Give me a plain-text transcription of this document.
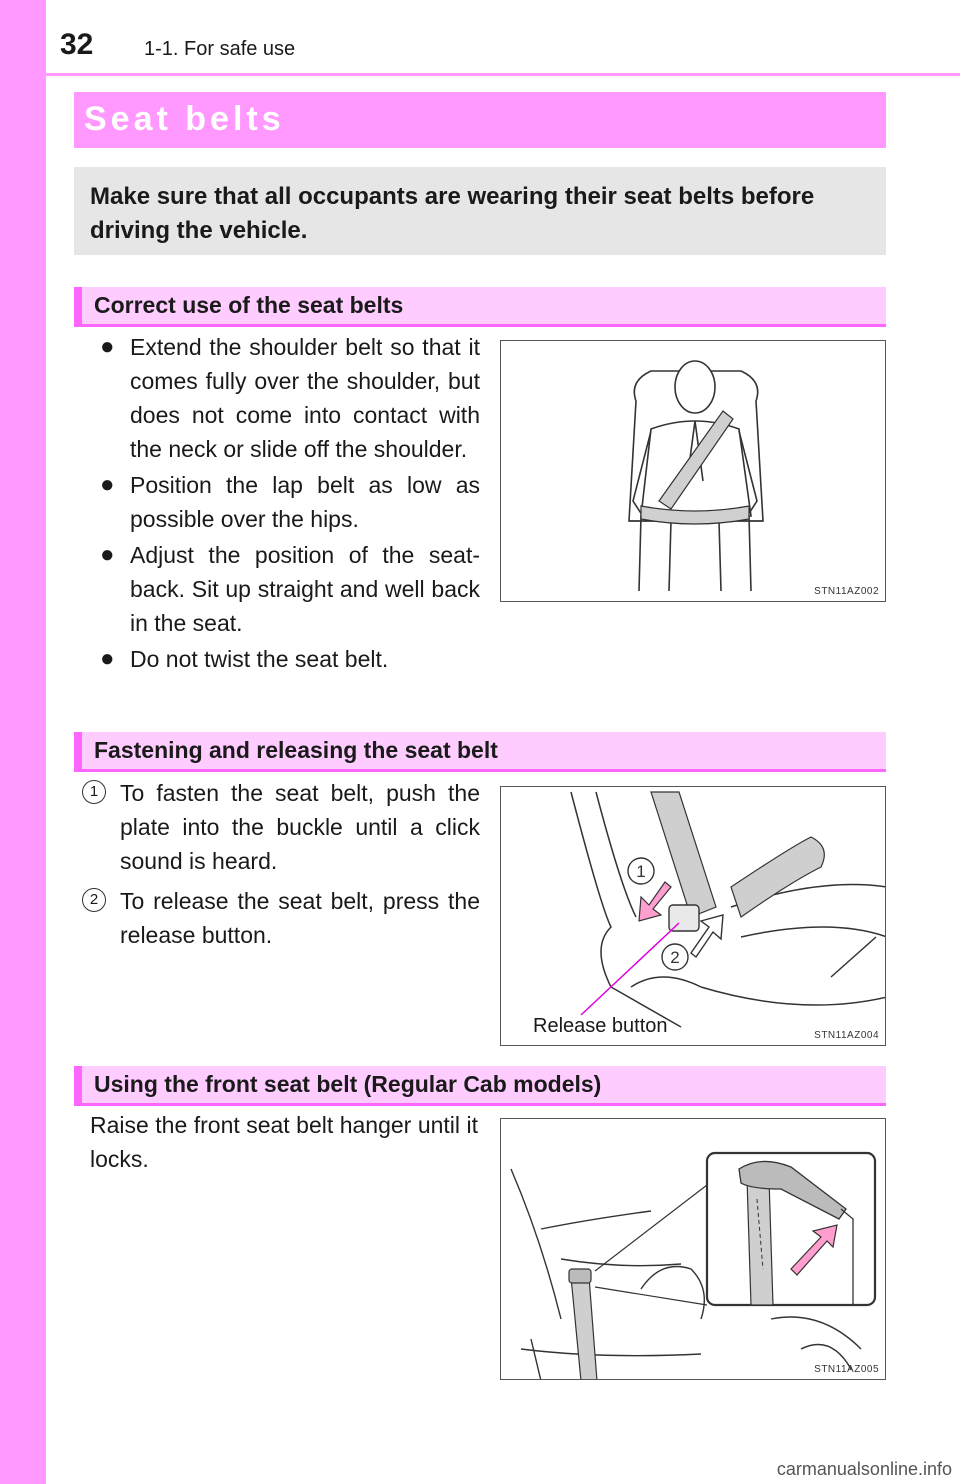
32	1-1. For safe use
Seat belts
Make sure that all occupants are wearing their seat belts before driving the vehicle.
Correct use of the seat belts
● Extend the shoulder belt so that it comes fully over the shoulder, but does not come into contact with the neck or slide off the shoulder.
● Position the lap belt as low as possible over the hips.
● Adjust the position of the seat-back. Sit up straight and well back in the seat.
● Do not twist the seat belt.
STN11AZ002
Fastening and releasing the seat belt
1 To fasten the seat belt, push the plate into the buckle until a click sound is heard.
2 To release the seat belt, press the release button.
1
2
Release button	STN11AZ004
Using the front seat belt (Regular Cab models)
Raise the front seat belt hanger until it locks.
STN11AZ005
carmanualsonline.info
